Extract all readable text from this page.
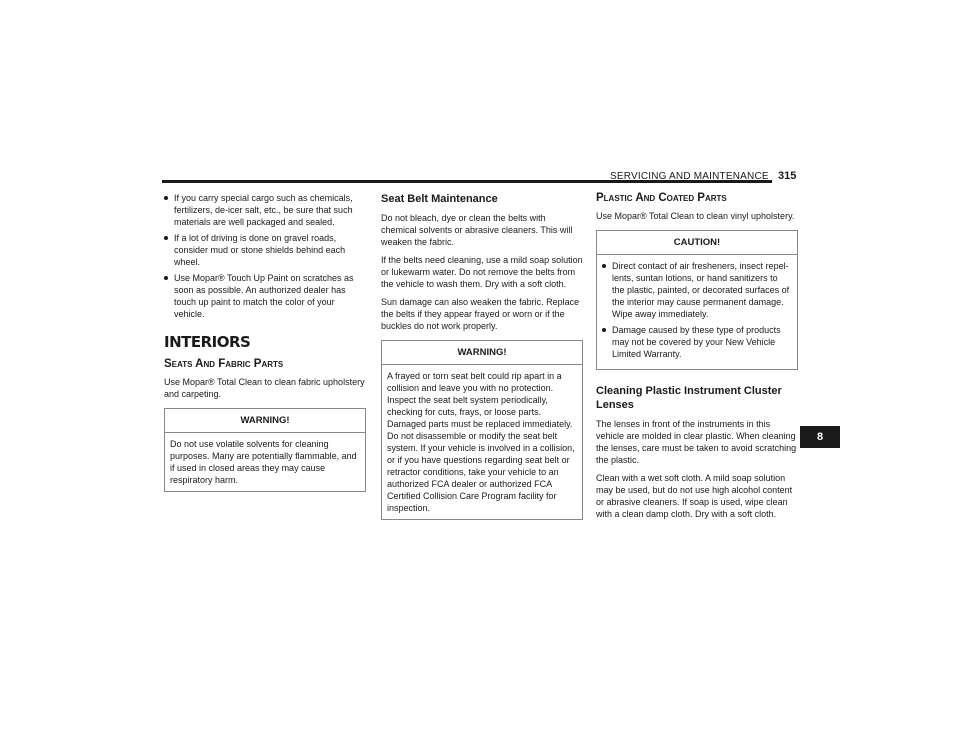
SERVICING AND MAINTENANCE 315
If you carry special cargo such as chemicals, fertilizers, de-icer salt, etc., be sure that such materials are well packaged and sealed.
If a lot of driving is done on gravel roads, consider mud or stone shields behind each wheel.
Use Mopar® Touch Up Paint on scratches as soon as possible. An authorized dealer has touch up paint to match the color of your vehicle.
INTERIORS
Seats And Fabric Parts
Use Mopar® Total Clean to clean fabric upholstery and carpeting.
WARNING!
Do not use volatile solvents for cleaning purposes. Many are potentially flammable, and if used in closed areas they may cause respiratory harm.
Seat Belt Maintenance
Do not bleach, dye or clean the belts with chemical solvents or abrasive cleaners. This will weaken the fabric.
If the belts need cleaning, use a mild soap solution or lukewarm water. Do not remove the belts from the vehicle to wash them. Dry with a soft cloth.
Sun damage can also weaken the fabric. Replace the belts if they appear frayed or worn or if the buckles do not work properly.
WARNING!
A frayed or torn seat belt could rip apart in a collision and leave you with no protection. Inspect the seat belt system periodically, checking for cuts, frays, or loose parts. Damaged parts must be replaced immediately. Do not disassemble or modify the seat belt system. If your vehicle is involved in a collision, or if you have questions regarding seat belt or retractor conditions, take your vehicle to an authorized FCA dealer or authorized FCA Certified Collision Care Program facility for inspection.
Plastic And Coated Parts
Use Mopar® Total Clean to clean vinyl upholstery.
CAUTION!
Direct contact of air fresheners, insect repellents, suntan lotions, or hand sanitizers to the plastic, painted, or decorated surfaces of the interior may cause permanent damage. Wipe away immediately.
Damage caused by these type of products may not be covered by your New Vehicle Limited Warranty.
Cleaning Plastic Instrument Cluster Lenses
The lenses in front of the instruments in this vehicle are molded in clear plastic. When cleaning the lenses, care must be taken to avoid scratching the plastic.
Clean with a wet soft cloth. A mild soap solution may be used, but do not use high alcohol content or abrasive cleaners. If soap is used, wipe clean with a clean damp cloth. Dry with a soft cloth.
8
